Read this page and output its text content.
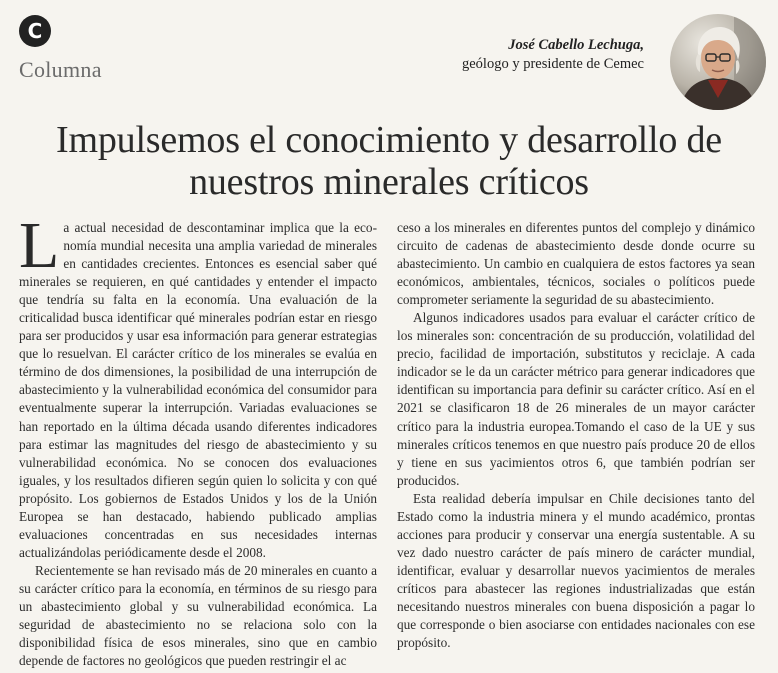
C
Columna
José Cabello Lechuga,
geólogo y presidente de Cemec
Impulsemos el conocimiento y desarrollo de
nuestros minerales críticos

La actual necesidad de descontaminar implica que la economía mundial necesita una amplia variedad de minerales en cantidades crecientes. Entonces es esencial saber qué minerales se requieren, en qué cantidades y entender el impacto que tendría su falta en la economía. Una evaluación de la criticalidad busca identificar qué minerales podrían estar en riesgo para ser producidos y usar esa información para generar estrategias que lo resuelvan. El carácter crítico de los minerales se evalúa en término de dos dimensiones, la posibilidad de una interrupción de abastecimiento y la vulnerabilidad económica del consumidor para eventualmente superar la interrupción. Variadas evaluaciones se han reportado en la última década usando diferentes indicadores para estimar las magnitudes del riesgo de abastecimiento y su vulnerabilidad económica. No se conocen dos evaluaciones iguales, y los resultados difieren según quien lo solicita y con qué propósito. Los gobiernos de Estados Unidos y los de la Unión Europea se han destacado, habiendo publicado amplias evaluaciones concentradas en sus necesidades internas actualizándolas periódicamente desde el 2008.

Recientemente se han revisado más de 20 minerales en cuanto a su carácter crítico para la economía, en términos de su riesgo para un abastecimiento global y su vulnerabilidad económica. La seguridad de abastecimiento no se relaciona solo con la disponibilidad física de esos minerales, sino que en cambio depende de factores no geológicos que pueden restringir el ac

ceso a los minerales en diferentes puntos del complejo y dinámico circuito de cadenas de abastecimiento desde donde ocurre su abastecimiento. Un cambio en cualquiera de estos factores ya sean económicos, ambientales, técnicos, sociales o políticos puede comprometer seriamente la seguridad de su abastecimiento.

Algunos indicadores usados para evaluar el carácter crítico de los minerales son: concentración de su producción, volatilidad del precio, facilidad de importación, substitutos y reciclaje. A cada indicador se le da un carácter métrico para generar indicadores que identifican su importancia para definir su carácter crítico. Así en el 2021 se clasificaron 18 de 26 minerales de un mayor carácter crítico para la industria europea.Tomando el caso de la UE y sus minerales críticos tenemos en que nuestro país produce 20 de ellos y tiene en sus yacimientos otros 6, que también podrían ser producidos.

Esta realidad debería impulsar en Chile decisiones tanto del Estado como la industria minera y el mundo académico, prontas acciones para producir y conservar una energía sustentable. A su vez dado nuestro carácter de país minero de carácter mundial, identificar, evaluar y desarrollar nuevos yacimientos de merales críticos para abastecer las regiones industrializadas que están necesitando nuestros minerales con buena disposición a pagar lo que corresponde o bien asociarse con entidades nacionales con ese propósito.
